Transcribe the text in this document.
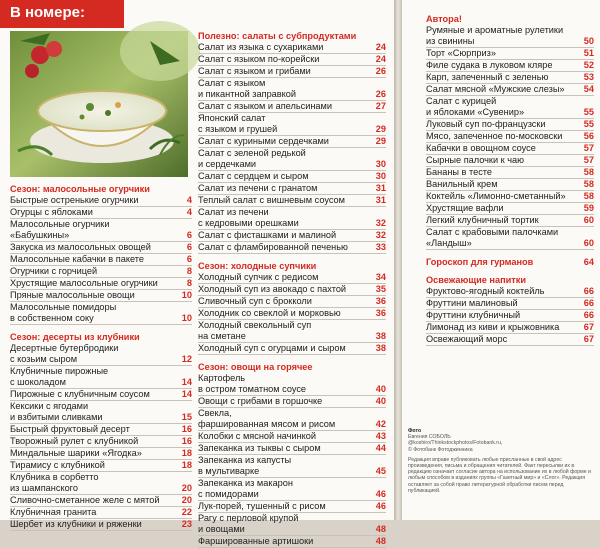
В номере:
Сезон: малосольные огурчики
Быстрые остренькие огурчики	4
Огурцы с яблоками	4
Малосольные огурчики
«Бабушкины»	6
Закуска из малосольных овощей	6
Малосольные кабачки в пакете	6
Огурчики с горчицей	8
Хрустящие малосольные огурчики	8
Пряные малосольные овощи	10
Малосольные помидоры
в собственном соку	10
Сезон: десерты из клубники
Десертные бутербродики
с козьим сыром	12
Клубничные пирожные
с шоколадом	14
Пирожные с клубничным соусом	14
Кексики с ягодами
и взбитыми сливками	15
Быстрый фруктовый десерт	16
Творожный рулет с клубникой	16
Миндальные шарики «Ягодка»	18
Тирамису с клубникой	18
Клубника в сорбетто
из шампанского	20
Сливочно-сметанное желе с мятой 20
Клубничная гранита	22
Шербет из клубники и ряженки	23
Полезно: салаты с субпродуктами
Салат из языка с сухариками	24
Салат с языком по-корейски	24
Салат с языком и грибами	26
Салат с языком
и пикантной заправкой	26
Салат с языком и апельсинами	27
Японский салат
с языком и грушей	29
Салат с куриными сердечками	29
Салат с зеленой редькой
и сердечками	30
Салат с сердцем и сыром	30
Салат из печени с гранатом	31
Теплый салат с вишневым соусом	31
Салат из печени
с кедровыми орешками	32
Салат с фисташками и малиной	32
Салат с фламбированной печенью	33
Сезон: холодные супчики
Холодный супчик с редисом	34
Холодный суп из авокадо с пахтой	35
Сливочный суп с брокколи	36
Холодник со свеклой и морковью	36
Холодный свекольный суп
на сметане	38
Холодный суп с огурцами и сыром	38
Сезон: овощи на горячее
Картофель
в остром томатном соусе	40
Овощи с грибами в горшочке	40
Свекла,
фаршированная мясом и рисом	42
Колобки с мясной начинкой	43
Запеканка из тыквы с сыром	44
Запеканка из капусты
в мультиварке	45
Запеканка из макарон
с помидорами	46
Лук-порей, тушенный с рисом	46
Рагу с перловой крупой
и овощами	48
Фаршированные артишоки	48
Автора!
Румяные и ароматные рулетики
из свинины	50
Торт «Сюрприз»	51
Филе судака в луковом кляре	52
Карп, запеченный с зеленью	53
Салат мясной «Мужские слезы» 54
Салат с курицей
и яблоками «Сувенир»	55
Луковый суп по-французски	55
Мясо, запеченное по-московски 56
Кабачки в овощном соусе	57
Сырные палочки к чаю	57
Бананы в тесте	58
Ванильный крем	58
Коктейль «Лимонно-сметанный» 58
Хрустящие вафли	59
Легкий клубничный тортик	60
Салат с крабовыми палочками
«Ландыш»	60
Гороскоп для гурманов	64
Освежающие напитки
Фруктово-ягодный коктейль	66
Фруттини малиновый	66
Фруттини клубничный	66
Лимонад из киви и крыжовника	67
Освежающий морс	67
Фото
Евгения СОБОЛЬ
@koshiro/Thinkstockphotos/Fotobank.ru,
© Фотобанк Фотоджинника
Редакция вправе публиковать любые присланные в свой адрес произведения, письма и обращения читателей. Факт пересылки их в редакцию означает согласие автора на использование их в любой форме и любым способом в изданиях группы «Газетный мир» и «Слог». Редакция оставляет за собой право литературной обработки писем перед публикацией.
